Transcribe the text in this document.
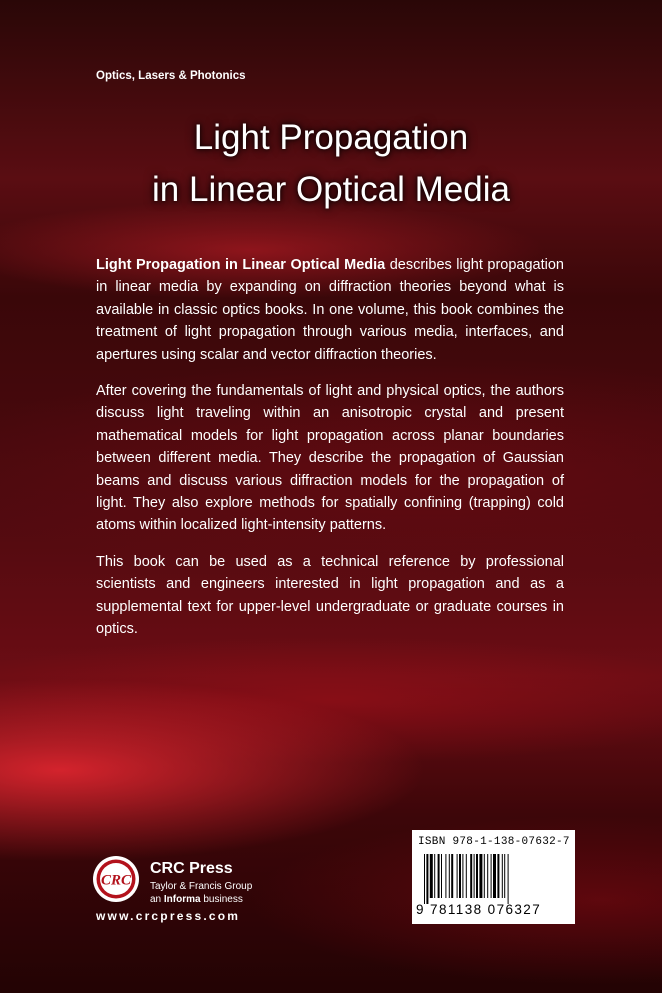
Optics, Lasers & Photonics
Light Propagation
in Linear Optical Media

Light Propagation in Linear Optical Media describes light propagation in linear media by expanding on diffraction theories beyond what is available in classic optics books. In one volume, this book combines the treatment of light propagation through various media, interfaces, and apertures using scalar and vector diffraction theories.

After covering the fundamentals of light and physical optics, the authors discuss light traveling within an anisotropic crystal and present mathematical models for light propagation across planar boundaries between different media. They describe the propagation of Gaussian beams and discuss various diffraction models for the propagation of light. They also explore methods for spatially confining (trapping) cold atoms within localized light-intensity patterns.

This book can be used as a technical reference by professional scientists and engineers interested in light propagation and as a supplemental text for upper-level undergraduate or graduate courses in optics.

CRC
CRC Press
Taylor & Francis Group
an Informa business
www.crcpress.com
ISBN 978-1-138-07632-7
9 781138 076327
